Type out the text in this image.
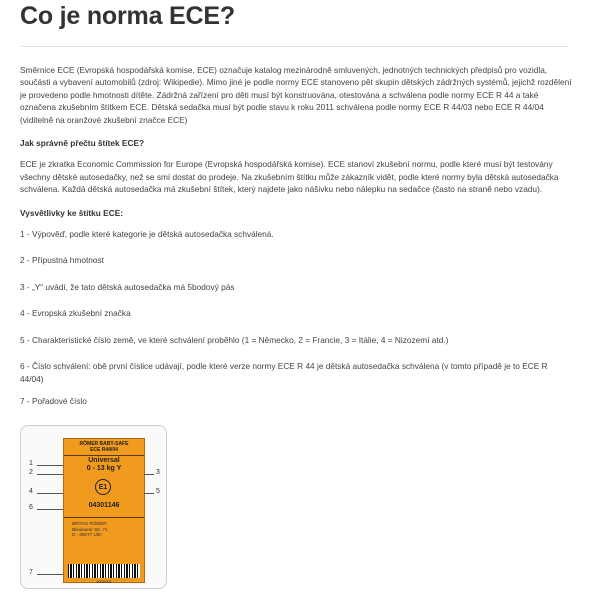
Co je norma ECE?

Směrnice ECE (Evropská hospodářská komise, ECE) označuje katalog mezinárodně smluvených, jednotných technických předpisů pro vozidla, součásti a vybavení automobilů (zdroj: Wikipedie). Mimo jiné je podle normy ECE stanoveno pět skupin dětských zádržných systémů, jejichž rozdělení je provedeno podle hmotnosti dítěte. Zádržná zařízení pro děti musí být konstruována, otestována a schválena podle normy ECE R 44 a také označena zkušebním štítkem ECE. Dětská sedačka musí být podle stavu k roku 2011 schválena podle normy ECE R 44/03 nebo ECE R 44/04 (viditelně na oranžové zkušební značce ECE)

Jak správně přečtu štítek ECE?

ECE je zkratka Economic Commission for Europe (Evropská hospodářská komise). ECE stanoví zkušební normu, podle které musí být testovány všechny dětské autosedačky, než se smí dostat do prodeje. Na zkušebním štítku může zákazník vidět, podle které normy byla dětská autosedačka schválena. Každá dětská autosedačka má zkušební štítek, který najdete jako nášivku nebo nálepku na sedačce (často na straně nebo vzadu).

Vysvětlivky ke štítku ECE:

1 - Výpověď, podle které kategorie je dětská autosedačka schválená.

2 - Přípustná hmotnost

3 - „Y“ uvádí, že tato dětská autosedačka má 5bodový pás

4 - Evropská zkušební značka

5 - Charakteristické číslo země, ve které schválení proběhlo (1 = Německo, 2 = Francie, 3 = Itálie, 4 = Nizozemí atd.)

6 - Číslo schválení: obě první číslice udávají, podle které verze normy ECE R 44 je dětská autosedačka schválena (v tomto případě je to ECE R 44/04)

7 - Pořadové číslo

RÖMER BABY-SAFE
ECE R44/04
Universal
0 - 13 kg Y
E1
04301146
BRITAX RÖMER
Bleulaurer Str. 71
D - 89077 Ulm
0000001
1
2
4
6
7
3
5
